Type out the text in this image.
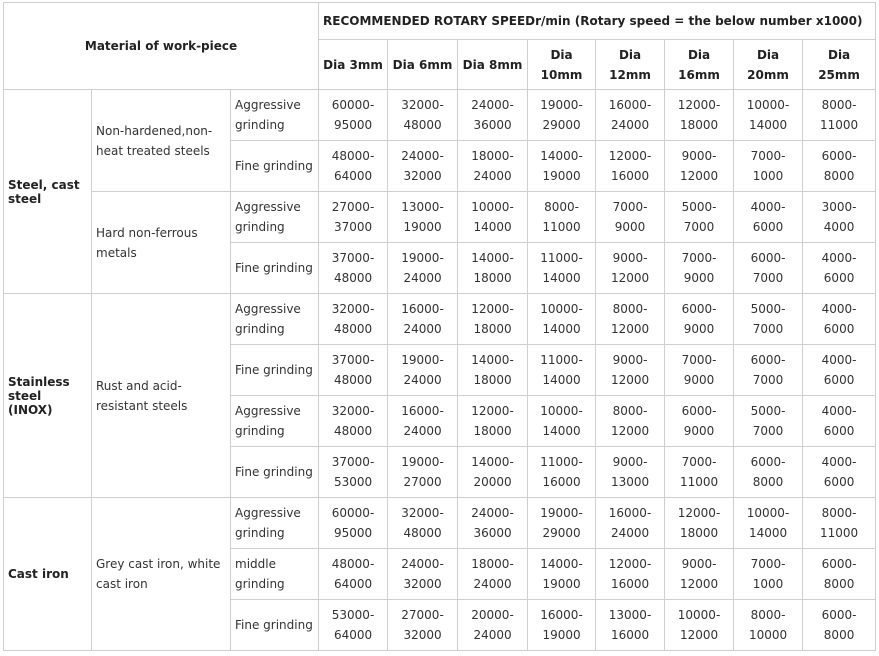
Material of work-piece			RECOMMENDED ROTARY SPEEDr/min (Rotary speed = the below number x1000)							
			Dia 3mm	Dia 6mm	Dia 8mm	Dia 10mm	Dia 12mm	Dia 16mm	Dia 20mm	Dia 25mm
Steel, cast steel	Non-hardened,non-heat treated steels	Aggressive grinding	60000-95000	32000-48000	24000-36000	19000-29000	16000-24000	12000-18000	10000-14000	8000-11000
		Fine grinding	48000-64000	24000-32000	18000-24000	14000-19000	12000-16000	9000-12000	7000-1000	6000-8000
	Hard non-ferrous metals	Aggressive grinding	27000-37000	13000-19000	10000-14000	8000-11000	7000-9000	5000-7000	4000-6000	3000-4000
		Fine grinding	37000-48000	19000-24000	14000-18000	11000-14000	9000-12000	7000-9000	6000-7000	4000-6000
Stainless steel (INOX)	Rust and acid-resistant steels	Aggressive grinding	32000-48000	16000-24000	12000-18000	10000-14000	8000-12000	6000-9000	5000-7000	4000-6000
		Fine grinding	37000-48000	19000-24000	14000-18000	11000-14000	9000-12000	7000-9000	6000-7000	4000-6000
		Aggressive grinding	32000-48000	16000-24000	12000-18000	10000-14000	8000-12000	6000-9000	5000-7000	4000-6000
		Fine grinding	37000-53000	19000-27000	14000-20000	11000-16000	9000-13000	7000-11000	6000-8000	4000-6000
Cast iron	Grey cast iron, white cast iron	Aggressive grinding	60000-95000	32000-48000	24000-36000	19000-29000	16000-24000	12000-18000	10000-14000	8000-11000
		middle grinding	48000-64000	24000-32000	18000-24000	14000-19000	12000-16000	9000-12000	7000-1000	6000-8000
		Fine grinding	53000-64000	27000-32000	20000-24000	16000-19000	13000-16000	10000-12000	8000-10000	6000-8000
